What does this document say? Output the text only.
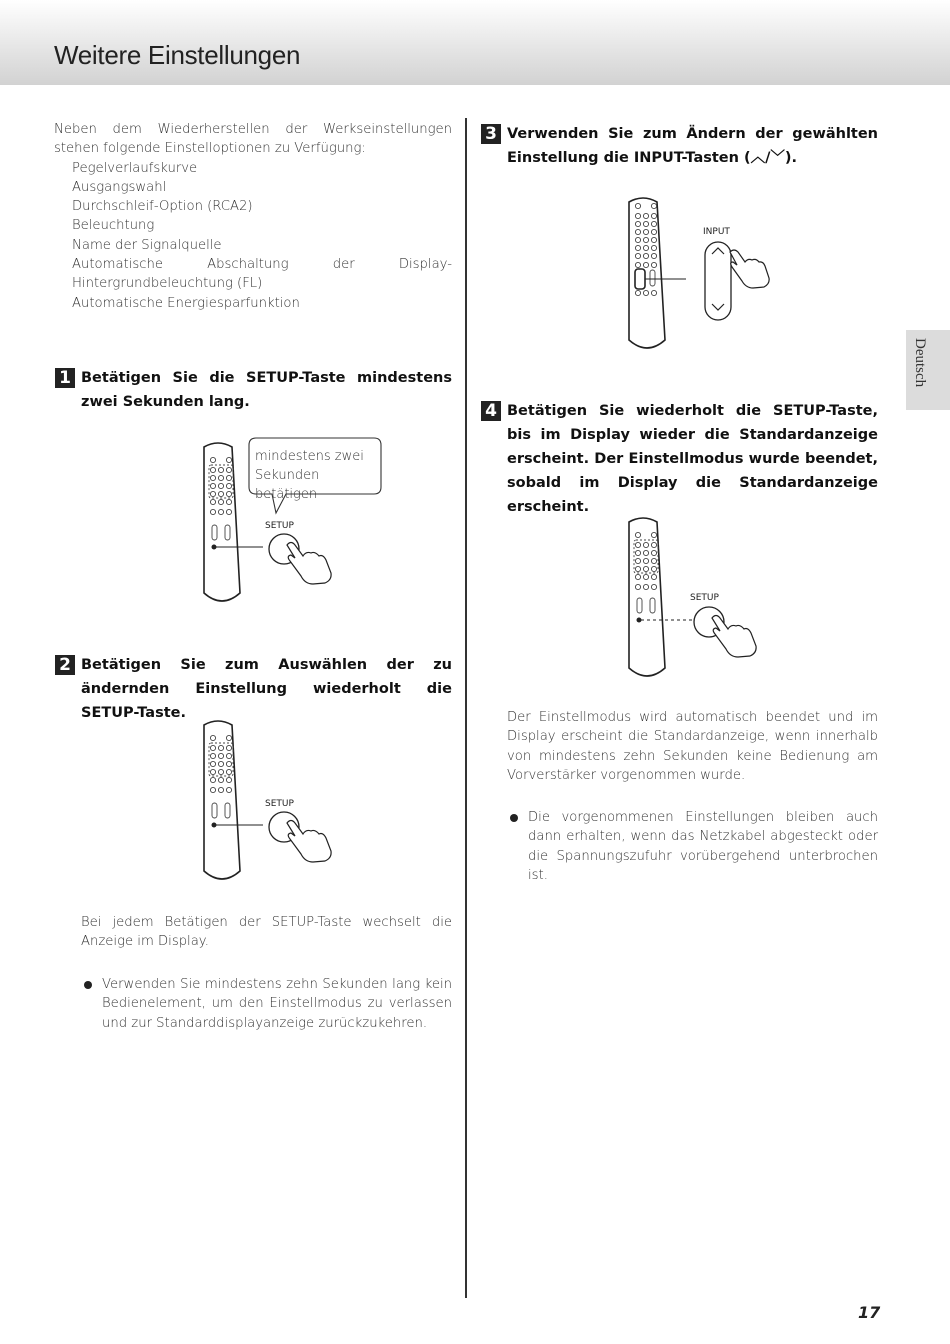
Weitere Einstellungen
Deutsch
Neben dem Wiederherstellen der Werkseinstellungen stehen folgende Einstelloptionen zu Verfügung:
Pegelverlaufskurve
Ausgangswahl
Durchschleif-Option (RCA2)
Beleuchtung
Name der Signalquelle
Automatische Abschaltung der Display-Hintergrundbeleuchtung (FL)
Automatische Energiesparfunktion
1 Betätigen Sie die SETUP-Taste mindestens zwei Sekunden lang.
SETUP
mindestens zwei Sekunden betätigen
2 Betätigen Sie zum Auswählen der zu ändernden Einstellung wiederholt die SETUP-Taste.
SETUP
Bei jedem Betätigen der SETUP-Taste wechselt die Anzeige im Display.
Verwenden Sie mindestens zehn Sekunden lang kein Bedienelement, um den Einstellmodus zu verlassen und zur Standarddisplayanzeige zurückzukehren.
3 Verwenden Sie zum Ändern der gewählten Einstellung die INPUT-Tasten (︿/﹀).
INPUT
4 Betätigen Sie wiederholt die SETUP-Taste, bis im Display wieder die Standardanzeige erscheint. Der Einstellmodus wurde beendet, sobald im Display die Standardanzeige erscheint.
SETUP
Der Einstellmodus wird automatisch beendet und im Display erscheint die Standardanzeige, wenn innerhalb von mindestens zehn Sekunden keine Bedienung am Vorverstärker vorgenommen wurde.
Die vorgenommenen Einstellungen bleiben auch dann erhalten, wenn das Netzkabel abgesteckt oder die Spannungszufuhr vorübergehend unterbrochen ist.
17
